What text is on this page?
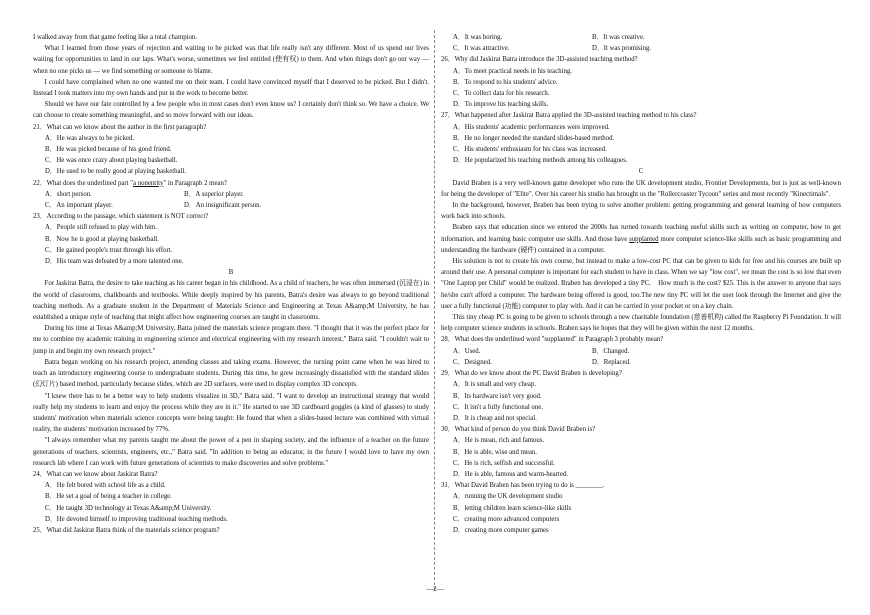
I walked away from that game feeling like a total champion.

What I learned from those years of rejection and waiting to be picked was that life really isn't any different. Most of us spend our lives waiting for opportunities to land in our laps. What's worse, sometimes we feel entitled (使有权) to them. And when things don't go our way — when no one picks us — we find something or someone to blame.

I could have complained when no one wanted me on their team. I could have convinced myself that I deserved to be picked. But I didn't. Instead I took matters into my own hands and put in the work to become better.

Should we have our fate controlled by a few people who in most cases don't even know us? I certainly don't think so. We have a choice. We can choose to create something meaningful, and so move forward with our ideas.

21．What can we know about the author in the first paragraph?

A．He was always to be picked.

B．He was picked because of his good friend.

C．He was once crazy about playing basketball.

D．He used to be really good at playing basketball.

22．What does the underlined part "a nonentity" in Paragraph 2 mean?

A．short person.	B．A superior player.
C．An important player.	D．An insignificant person.

23．According to the passage, which statement is NOT correct?

A．People still refused to play with him.

B．Now he is good at playing basketball.

C．He gained people's trust through his effort.

D．His team was defeated by a more talented one.

B

For Jaskirat Batra, the desire to take teaching as his career began in his childhood. As a child of teachers, he was often immersed (沉浸在) in the world of classrooms, chalkboards and textbooks. While deeply inspired by his parents, Batra's desire was always to go beyond traditional teaching methods. As a graduate student in the Department of Materials Science and Engineering at Texas A&amp;M University, he has established a unique style of teaching that might affect how engineering courses are taught in classrooms.

During his time at Texas A&amp;M University, Batra joined the materials science program there. "I thought that it was the perfect place for me to combine my academic training in engineering science and electrical engineering with my research interest," Batra said. "I couldn't wait to jump in and begin my own research project."

Batra began working on his research project, attending classes and taking exams. However, the turning point came when he was hired to teach an introductory engineering course to undergraduate students. During this time, he grew increasingly dissatisfied with the standard slides (幻灯片) based method, particularly because slides, which are 2D surfaces, were used to display complex 3D concepts.

"I knew there has to be a better way to help students visualize in 3D," Batra said. "I want to develop an instructional strategy that would really help my students to learn and enjoy the process while they are in it." He started to use 3D cardboard goggles (a kind of glasses) to study students' motivation when materials science concepts were being taught: He found that when a slides-based lecture was combined with virtual reality, the students' motivation increased by 77%.

"I always remember what my parents taught me about the power of a pen in shaping society, and the influence of a teacher on the future generations of teachers, scientists, engineers, etc.," Batra said. "In addition to being an educator, in the future I would love to have my own research lab where I can work with future generations of scientists to make discoveries and solve problems."

24．What can we know about Jaskirat Batra?

A．He felt bored with school life as a child.

B．He set a goal of being a teacher in college.

C．He taught 3D technology at Texas A&amp;M University.

D．He devoted himself to improving traditional teaching methods.

25．What did Jaskirat Batra think of the materials science program?

A．It was boring.	B．It was creative.
C．It was attractive.	D．It was promising.

26．Why did Jaskirat Batra introduce the 3D-assisted teaching method?

A．To meet practical needs in his teaching.

B．To respond to his students' advice.

C．To collect data for his research.

D．To improve his teaching skills.

27．What happened after Jaskirat Batra applied the 3D-assisted teaching method to his class?

A．His students' academic performances were improved.

B．He no longer needed the standard slides-based method.

C．His students' enthusiasm for his class was increased.

D．He popularized his teaching methods among his colleagues.

C

David Braben is a very well-known game developer who runs the UK development studio, Frontier Developments, but is just as well-known for being the developer of "Elite". Over his career his studio has brought us the "Rollercoaster Tycoon" series and most recently "Kinectimals".

In the background, however, Braben has been trying to solve another problem: getting programming and general learning of how computers work back into schools.

Braben says that education since we entered the 2000s has turned towards teaching useful skills such as writing on computer, how to get information, and learning basic computer use skills. And those have supplanted more computer science-like skills such as basic programming and understanding the hardware (硬件) contained in a computer.

His solution is not to create his own course, but instead to make a low-cost PC that can be given to kids for free and his courses are built up around their use. A personal computer is important for each student to have in class. When we say "low cost", we mean the cost is so low that even "One Laptop per Child" would be realized. Braben has developed a tiny PC.　How much is the cost? $25. This is the answer to anyone that says he/she can't afford a computer. The hardware being offered is good, too.The new tiny PC will let the user look through the Internet and give the user a fully functional (功能) computer to play with. And it can be carried in your pocket or on a key chain.

This tiny cheap PC is going to be given to schools through a new charitable foundation (慈善机构) called the Raspberry Pi Foundation. It will help computer science students in schools. Braben says he hopes that they will be given within the next 12 months.

28．What does the underlined word "supplanted" in Paragraph 3 probably mean?

A．Used.	B．Changed.
C．Designed.	D．Replaced.

29．What do we know about the PC David Braben is developing?

A．It is small and very cheap.

B．Its hardware isn't very good.

C．It isn't a fully functional one.

D．It is cheap and not special.

30．What kind of person do you think David Braben is?

A．He is mean, rich and famous.

B．He is able, wise and mean.

C．He is rich, selfish and successful.

D．He is able, famous and warm-hearted.

31．What David Braben has been trying to do is ________.

A．running the UK development studio

B．letting children learn science-like skills

C．creating more advanced computers

D．creating more computer games

—2—
